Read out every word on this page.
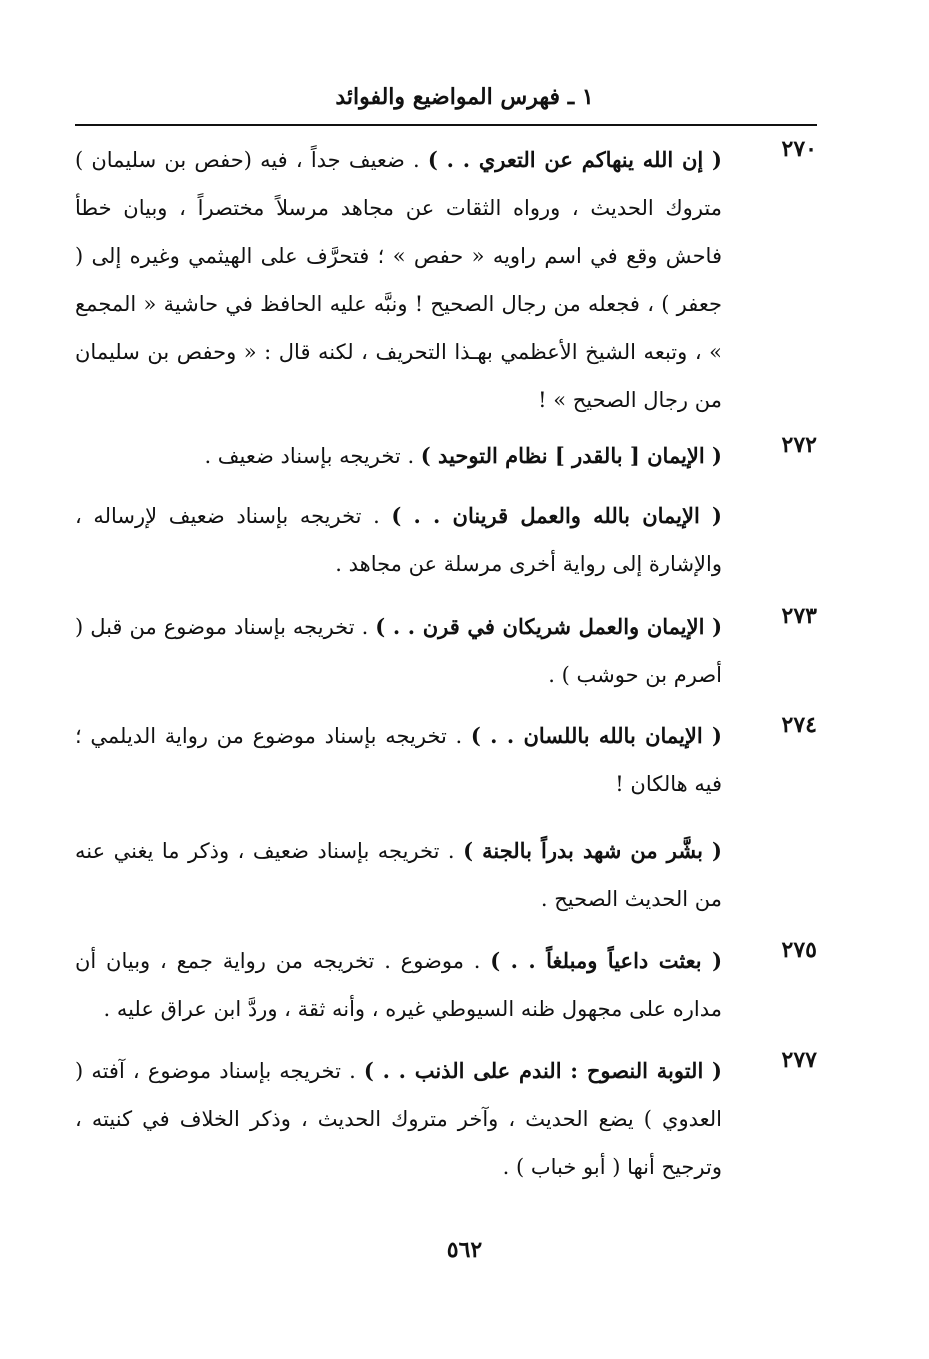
١ ـ فهرس المواضيع والفوائد
٢٧٠
( إن الله ينهاكم عن التعري . . ) . ضعيف جداً ، فيه (حفص بن سليمان ) متروك الحديث ، ورواه الثقات عن مجاهد مرسلاً مختصراً ، وبيان خطأ فاحش وقع في اسم راويه « حفص » ؛ فتحرَّف على الهيثمي وغيره إلى ( جعفر ) ، فجعله من رجال الصحيح ! ونبَّه عليه الحافظ في حاشية « المجمع » ، وتبعه الشيخ الأعظمي بهـذا التحريف ، لكنه قال : « وحفص بن سليمان من رجال الصحيح » !
٢٧٢
( الإيمان [ بالقدر ] نظام التوحيد ) . تخريجه بإسناد ضعيف .
( الإيمان بالله والعمل قرينان . . ) . تخريجه بإسناد ضعيف لإرساله ، والإشارة إلى رواية أخرى مرسلة عن مجاهد .
٢٧٣
( الإيمان والعمل شريكان في قرن . . ) . تخريجه بإسناد موضوع من قبل ( أصرم بن حوشب ) .
٢٧٤
( الإيمان بالله باللسان . . ) . تخريجه بإسناد موضوع من رواية الديلمي ؛ فيه هالكان !
( بشَّر من شهد بدراً بالجنة ) . تخريجه بإسناد ضعيف ، وذكر ما يغني عنه من الحديث الصحيح .
٢٧٥
( بعثت داعياً ومبلغاً . . ) . موضوع . تخريجه من رواية جمع ، وبيان أن مداره على مجهول ظنه السيوطي غيره ، وأنه ثقة ، وردَّ ابن عراق عليه .
٢٧٧
( التوبة النصوح : الندم على الذنب . . ) . تخريجه بإسناد موضوع ، آفته ( العدوي ) يضع الحديث ، وآخر متروك الحديث ، وذكر الخلاف في كنيته ، وترجيح أنها ( أبو خباب ) .
٥٦٢
